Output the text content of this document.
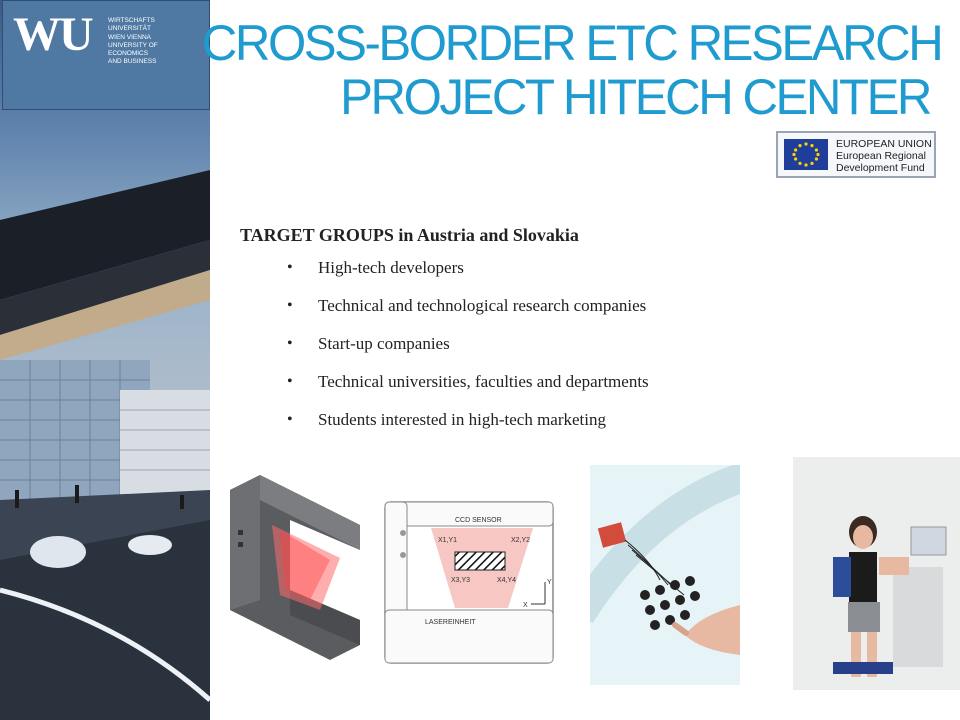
WU	WIRTSCHAFTS
UNIVERSITÄT
WIEN VIENNA
UNIVERSITY OF
ECONOMICS
AND BUSINESS CROSS-BORDER ETC RESEARCH
PROJECT HITECH CENTER
EUROPEAN UNION
European Regional
Development Fund
TARGET GROUPS in Austria and Slovakia
• High-tech developers
• Technical and technological research companies
• Start-up companies
• Technical universities, faculties and departments
• Students interested in high-tech marketing
CCD SENSOR
X1,Y1	X2,Y2
X3,Y3	X4,Y4
LASEREINHEIT
Y
X
